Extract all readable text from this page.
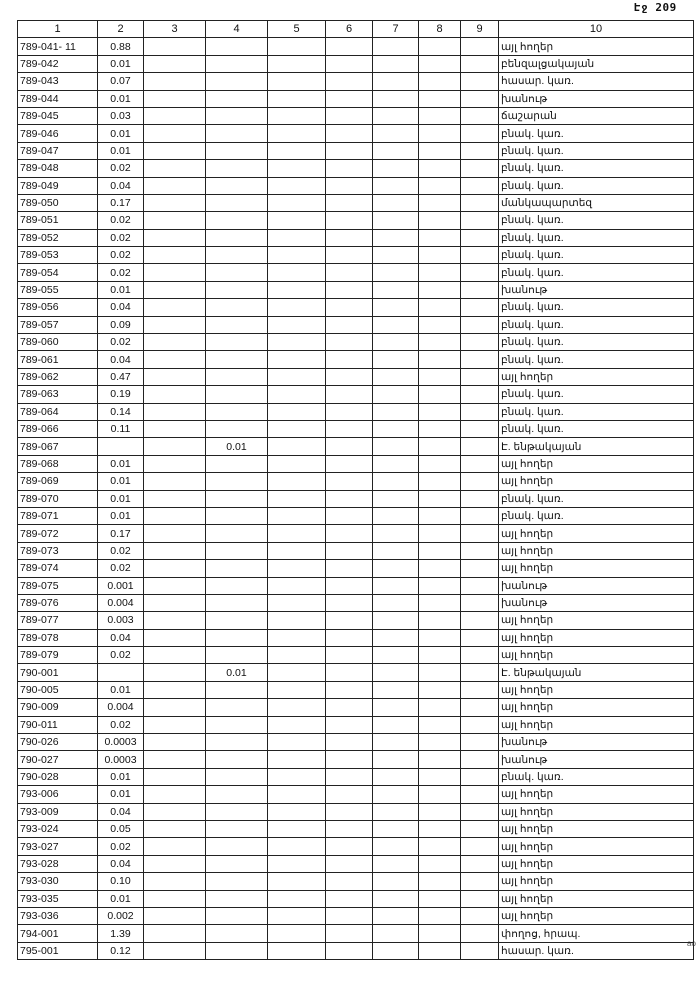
Էջ 209
ao
1	2	3	4	5	6	7	8	9	10
789-041- 11	0.88								այլ հողեր
789-042	0.01								բենզալցակայան
789-043	0.07								հասար. կառ.
789-044	0.01								խանութ
789-045	0.03								ճաշարան
789-046	0.01								բնակ. կառ.
789-047	0.01								բնակ. կառ.
789-048	0.02								բնակ. կառ.
789-049	0.04								բնակ. կառ.
789-050	0.17								մանկապարտեզ
789-051	0.02								բնակ. կառ.
789-052	0.02								բնակ. կառ.
789-053	0.02								բնակ. կառ.
789-054	0.02								բնակ. կառ.
789-055	0.01								խանութ
789-056	0.04								բնակ. կառ.
789-057	0.09								բնակ. կառ.
789-060	0.02								բնակ. կառ.
789-061	0.04								բնակ. կառ.
789-062	0.47								այլ հողեր
789-063	0.19								բնակ. կառ.
789-064	0.14								բնակ. կառ.
789-066	0.11								բնակ. կառ.
789-067			0.01						Է. ենթակայան
789-068	0.01								այլ հողեր
789-069	0.01								այլ հողեր
789-070	0.01								բնակ. կառ.
789-071	0.01								բնակ. կառ.
789-072	0.17								այլ հողեր
789-073	0.02								այլ հողեր
789-074	0.02								այլ հողեր
789-075	0.001								խանութ
789-076	0.004								խանութ
789-077	0.003								այլ հողեր
789-078	0.04								այլ հողեր
789-079	0.02								այլ հողեր
790-001			0.01						Է. ենթակայան
790-005	0.01								այլ հողեր
790-009	0.004								այլ հողեր
790-011	0.02								այլ հողեր
790-026	0.0003								խանութ
790-027	0.0003								խանութ
790-028	0.01								բնակ. կառ.
793-006	0.01								այլ հողեր
793-009	0.04								այլ հողեր
793-024	0.05								այլ հողեր
793-027	0.02								այլ հողեր
793-028	0.04								այլ հողեր
793-030	0.10								այլ հողեր
793-035	0.01								այլ հողեր
793-036	0.002								այլ հողեր
794-001	1.39								փողոց, հրապ.
795-001	0.12								հասար. կառ.
